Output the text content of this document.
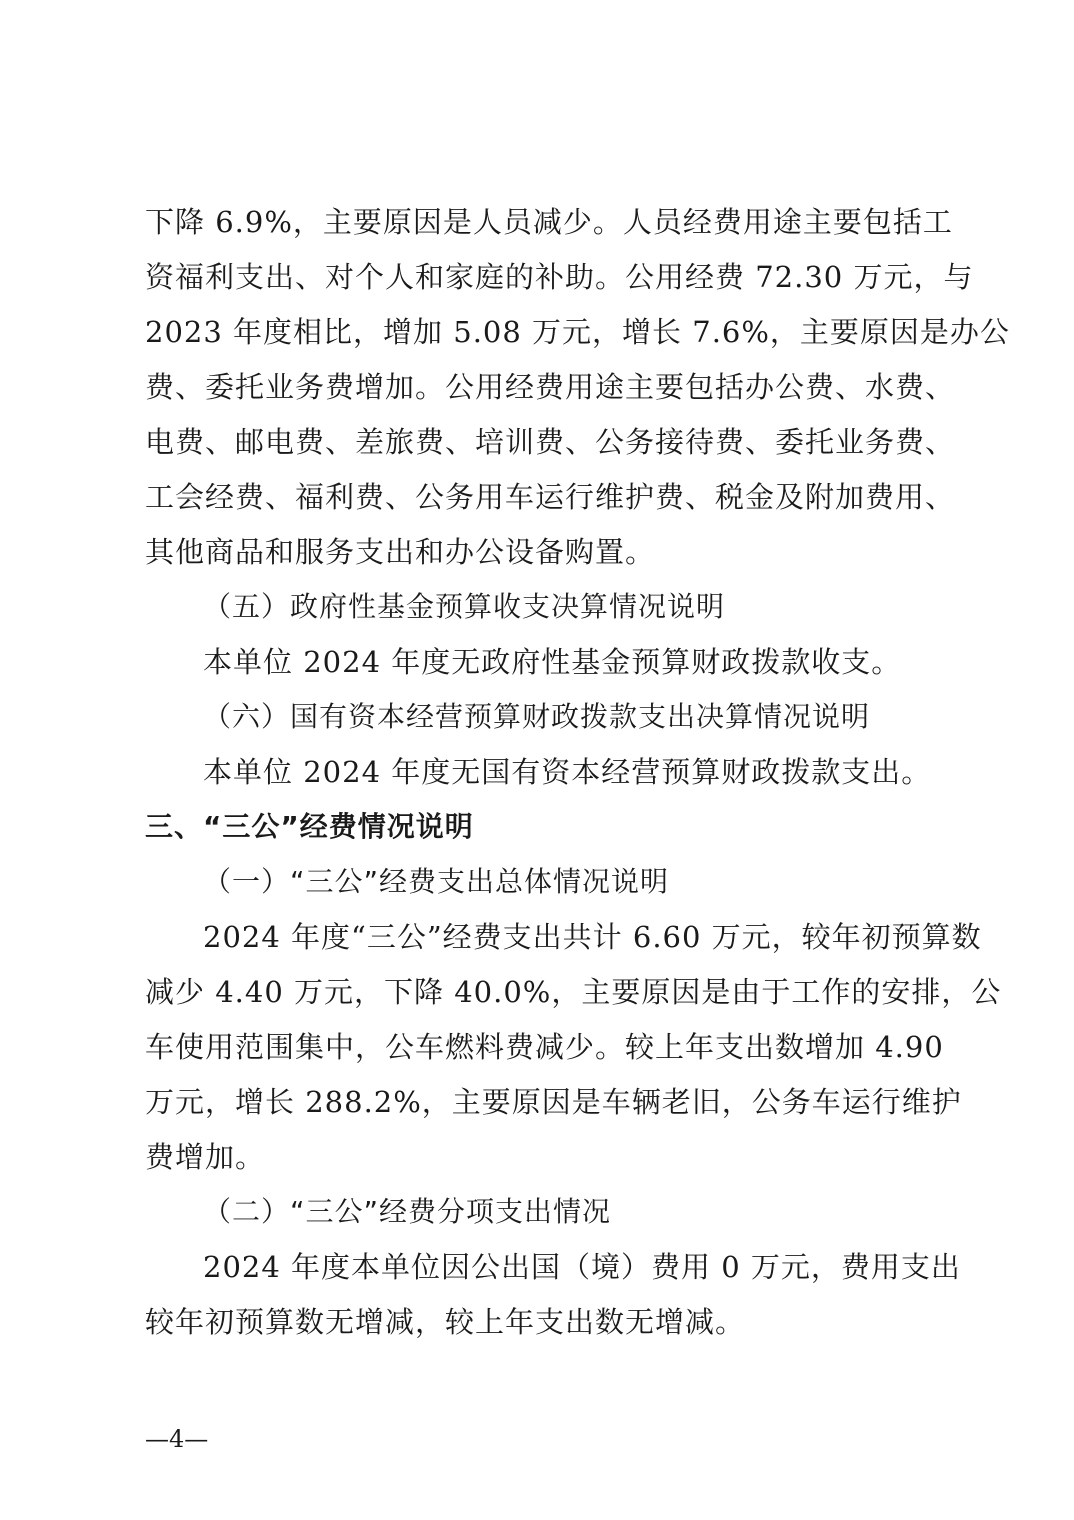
下降 6.9%，主要原因是人员减少。人员经费用途主要包括工
资福利支出、对个人和家庭的补助。公用经费 72.30 万元，与
2023 年度相比，增加 5.08 万元，增长 7.6%，主要原因是办公
费、委托业务费增加。公用经费用途主要包括办公费、水费、
电费、邮电费、差旅费、培训费、公务接待费、委托业务费、
工会经费、福利费、公务用车运行维护费、税金及附加费用、
其他商品和服务支出和办公设备购置。
（五）政府性基金预算收支决算情况说明
本单位 2024 年度无政府性基金预算财政拨款收支。
（六）国有资本经营预算财政拨款支出决算情况说明
本单位 2024 年度无国有资本经营预算财政拨款支出。
三、“三公”经费情况说明
（一）“三公”经费支出总体情况说明
2024 年度“三公”经费支出共计 6.60 万元，较年初预算数
减少 4.40 万元，下降 40.0%，主要原因是由于工作的安排，公
车使用范围集中，公车燃料费减少。较上年支出数增加 4.90
万元，增长 288.2%，主要原因是车辆老旧，公务车运行维护
费增加。
（二）“三公”经费分项支出情况
2024 年度本单位因公出国（境）费用 0 万元，费用支出
较年初预算数无增减，较上年支出数无增减。
—4—
